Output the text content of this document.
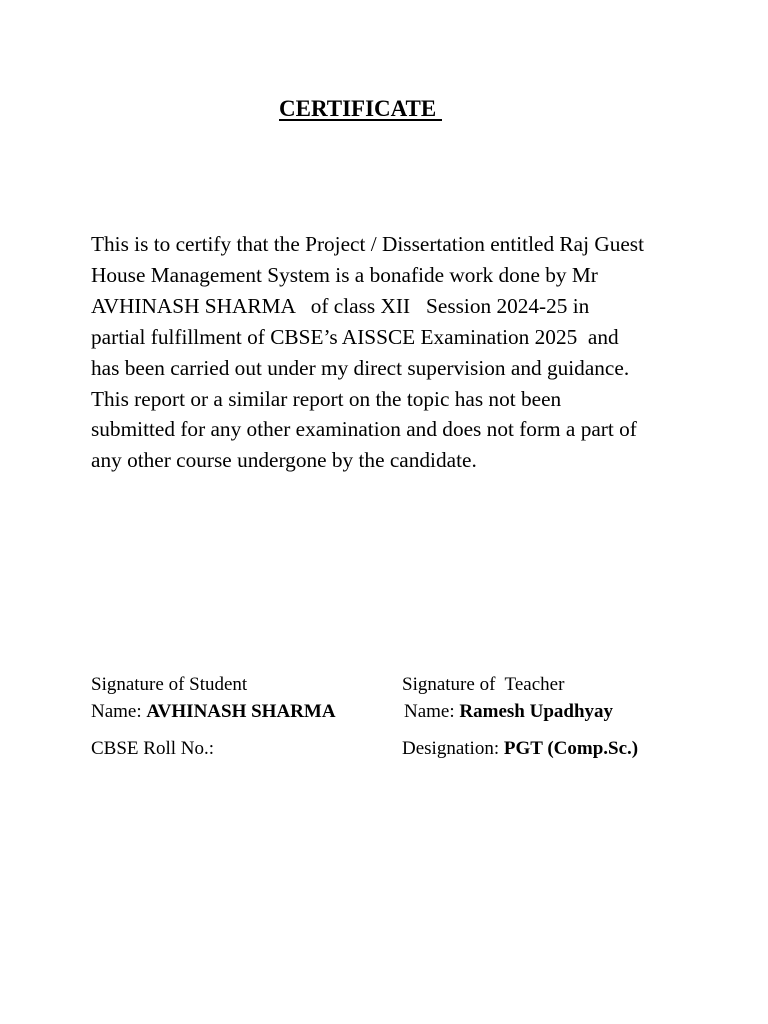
CERTIFICATE

This is to certify that the Project / Dissertation entitled Raj Guest
House Management System is a bonafide work done by Mr
AVHINASH SHARMA   of class XII   Session 2024-25 in
partial fulfillment of CBSE’s AISSCE Examination 2025  and
has been carried out under my direct supervision and guidance.
This report or a similar report on the topic has not been
submitted for any other examination and does not form a part of
any other course undergone by the candidate.

Signature of Student

Name: AVHINASH SHARMA

CBSE Roll No.:

Signature of  Teacher

Name: Ramesh Upadhyay

Designation: PGT (Comp.Sc.)
